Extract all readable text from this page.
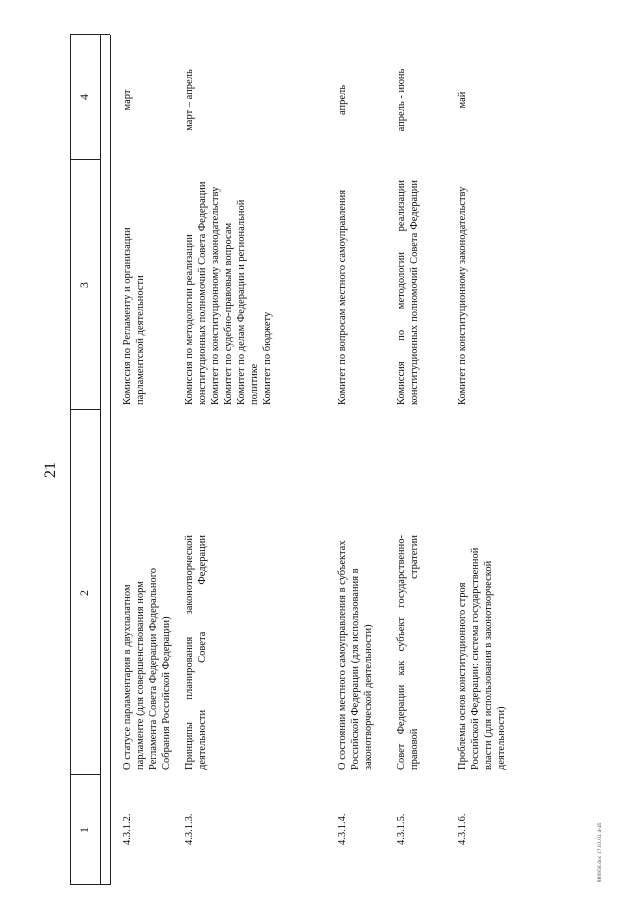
21
1
2
3
4
4.3.1.2.
О статусе парламентария в двухпалатном парламенте (для совершенствования норм Регламента Совета Федерации Федерального Собрания Российской Федерации)
Комиссия по Регламенту и организации парламентской деятельности
март
4.3.1.3.
Принципы планирования законотворческой деятельности Совета Федерации
Комиссия по методологии реализации конституционных полномочий Совета Федерации
Комитет по конституционному законодательству
Комитет по судебно-правовым вопросам
Комитет по делам Федерации и региональной политике
Комитет по бюджету
март – апрель
4.3.1.4.
О состоянии местного самоуправления в субъектах Российской Федерации (для использования в законотворческой деятельности)
Комитет по вопросам местного самоуправления
апрель
4.3.1.5.
Совет Федерации как субъект государственно-правовой стратегии
Комиссия по методологии реализации конституционных полномочий Совета Федерации
апрель - июнь
4.3.1.6.
Проблемы основ конституционного строя Российской Федерации: система государственной власти (для использования в законотворческой деятельности)
Комитет по конституционному законодательству
май
889956.doc 17.03.02 4-45
